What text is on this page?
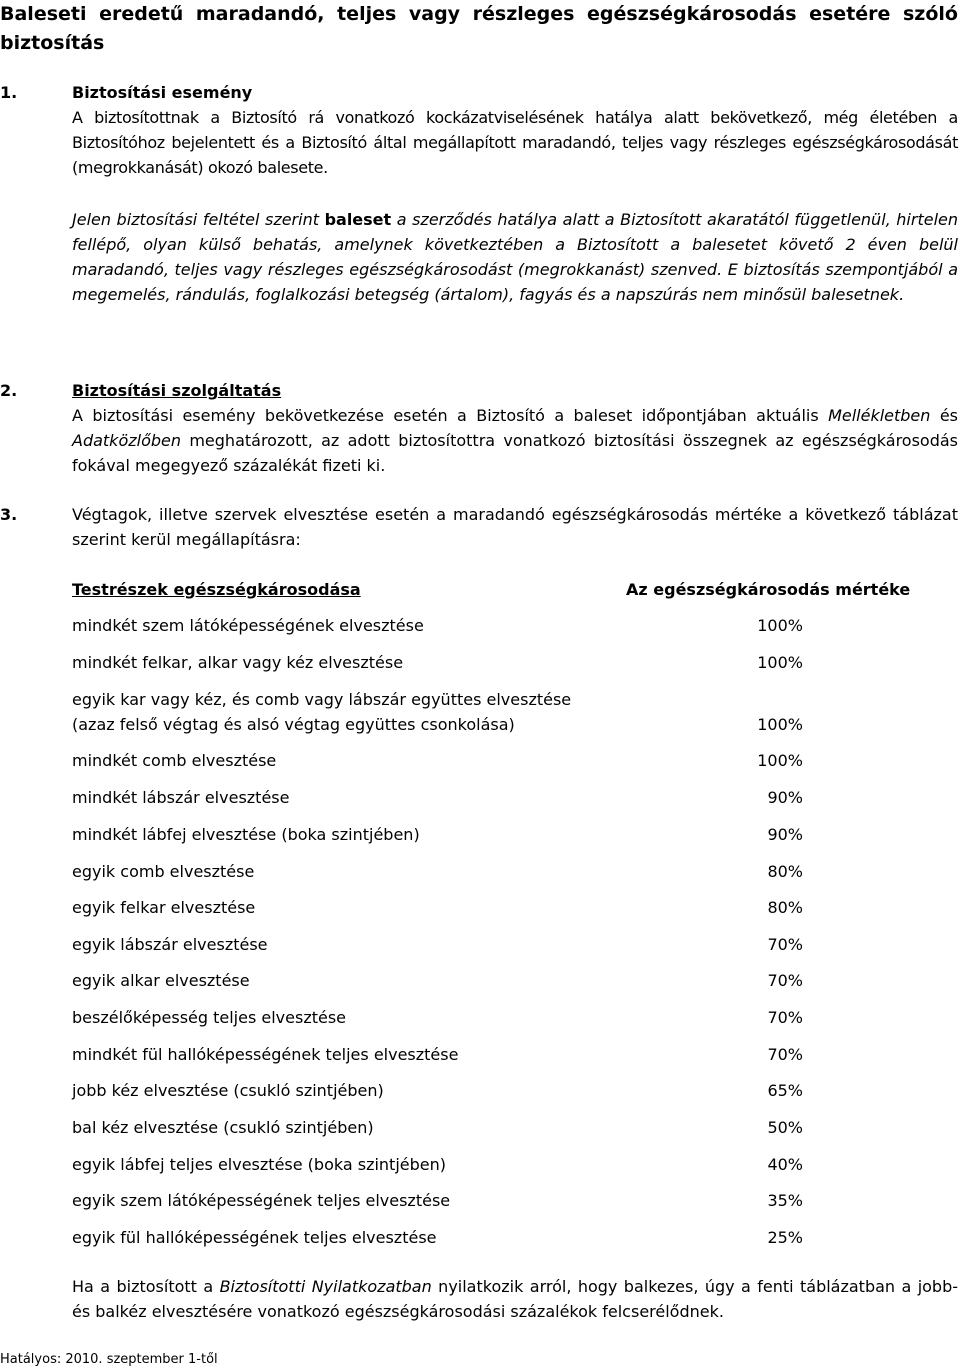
Baleseti eredetű maradandó, teljes vagy részleges egészségkárosodás esetére szóló biztosítás
1.	Biztosítási esemény

A biztosítottnak a Biztosító rá vonatkozó kockázatviselésének hatálya alatt bekövetkező, még életében a Biztosítóhoz bejelentett és a Biztosító által megállapított maradandó, teljes vagy részleges egészségkárosodását (megrokkanását) okozó balesete.

Jelen biztosítási feltétel szerint baleset a szerződés hatálya alatt a Biztosított akaratától függetlenül, hirtelen fellépő, olyan külső behatás, amelynek következtében a Biztosított a balesetet követő 2 éven belül maradandó, teljes vagy részleges egészségkárosodást (megrokkanást) szenved. E biztosítás szempontjából a megemelés, rándulás, foglalkozási betegség (ártalom), fagyás és a napszúrás nem minősül balesetnek.

2.	Biztosítási szolgáltatás

A biztosítási esemény bekövetkezése esetén a Biztosító a baleset időpontjában aktuális Mellékletben és Adatközlőben meghatározott, az adott biztosítottra vonatkozó biztosítási összegnek az egészségkárosodás fokával megegyező százalékát fizeti ki.

3.	Végtagok, illetve szervek elvesztése esetén a maradandó egészségkárosodás mértéke a következő táblázat szerint kerül megállapításra:

Testrészek egészségkárosodása	Az egészségkárosodás mértéke
mindkét szem látóképességének elvesztése	100%
mindkét felkar, alkar vagy kéz elvesztése	100%
egyik kar vagy kéz, és comb vagy lábszár együttes elvesztése
(azaz felső végtag és alsó végtag együttes csonkolása)	100%
mindkét comb elvesztése	100%
mindkét lábszár elvesztése	90%
mindkét lábfej elvesztése (boka szintjében)	90%
egyik comb elvesztése	80%
egyik felkar elvesztése	80%
egyik lábszár elvesztése	70%
egyik alkar elvesztése	70%
beszélőképesség teljes elvesztése	70%
mindkét fül hallóképességének teljes elvesztése	70%
jobb kéz elvesztése (csukló szintjében)	65%
bal kéz elvesztése (csukló szintjében)	50%
egyik lábfej teljes elvesztése (boka szintjében)	40%
egyik szem látóképességének teljes elvesztése	35%
egyik fül hallóképességének teljes elvesztése	25%

Ha a biztosított a Biztosítotti Nyilatkozatban nyilatkozik arról, hogy balkezes, úgy a fenti táblázatban a jobb- és balkéz elvesztésére vonatkozó egészségkárosodási százalékok felcserélődnek.

Hatályos: 2010. szeptember 1-től
